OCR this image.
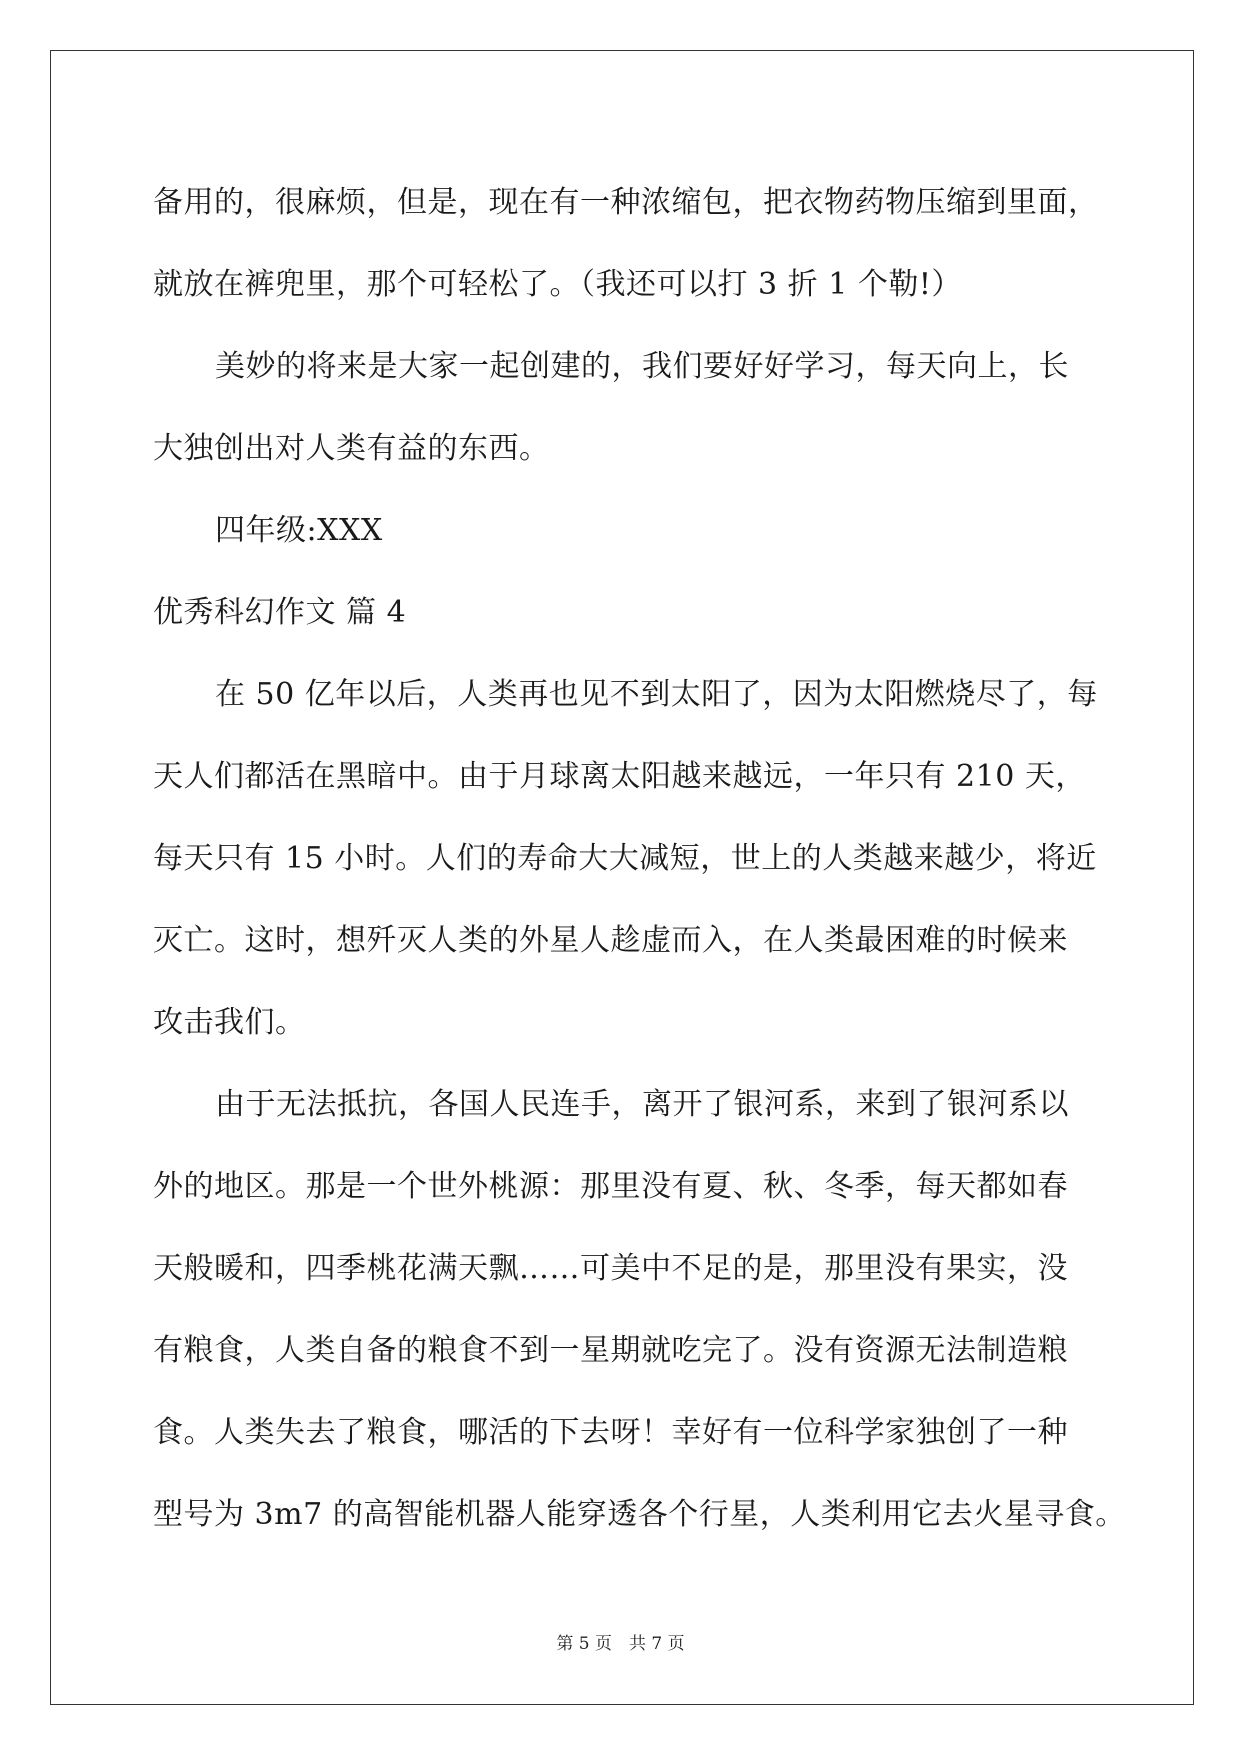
备用的，很麻烦，但是，现在有一种浓缩包，把衣物药物压缩到里面，
就放在裤兜里，那个可轻松了。（我还可以打 3 折 1 个勒!）
美妙的将来是大家一起创建的，我们要好好学习，每天向上，长
大独创出对人类有益的东西。
四年级:XXX
优秀科幻作文 篇 4
在 50 亿年以后，人类再也见不到太阳了，因为太阳燃烧尽了，每
天人们都活在黑暗中。由于月球离太阳越来越远，一年只有 210 天，
每天只有 15 小时。人们的寿命大大减短，世上的人类越来越少，将近
灭亡。这时，想歼灭人类的外星人趁虚而入，在人类最困难的时候来
攻击我们。
由于无法抵抗，各国人民连手，离开了银河系，来到了银河系以
外的地区。那是一个世外桃源：那里没有夏、秋、冬季，每天都如春
天般暖和，四季桃花满天飘……可美中不足的是，那里没有果实，没
有粮食，人类自备的粮食不到一星期就吃完了。没有资源无法制造粮
食。人类失去了粮食，哪活的下去呀！幸好有一位科学家独创了一种
型号为 3m7 的高智能机器人能穿透各个行星，人类利用它去火星寻食。
第 5 页　共 7 页
